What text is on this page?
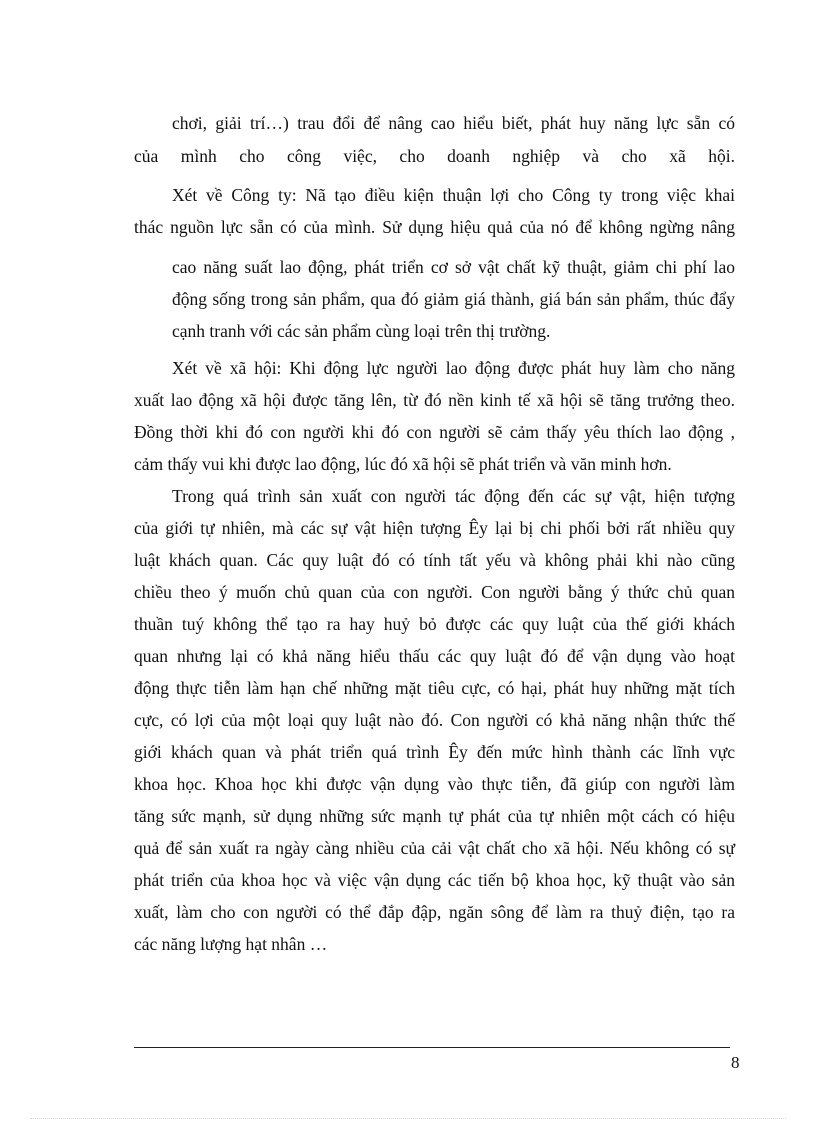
chơi, giải trí…) trau đổi để nâng cao hiểu biết, phát huy năng lực sẵn có
của mình cho công việc, cho doanh nghiệp và cho xã hội.
Xét về Công ty: Nã tạo điều kiện thuận lợi cho Công ty trong việc khai
thác nguồn lực sẵn có của mình. Sử dụng hiệu quả của nó để không ngừng nâng
cao năng suất lao động, phát triển cơ sở vật chất kỹ thuật, giảm chi phí lao
động sống trong sản phẩm, qua đó giảm giá thành, giá bán sản phẩm, thúc đẩy
cạnh tranh với các sản phẩm cùng loại trên thị trường.
Xét về xã hội: Khi động lực người lao động được phát huy làm cho năng
xuất lao động xã hội được tăng lên, từ đó nền kinh tế xã hội sẽ tăng trưởng theo.
Đồng thời khi đó con người khi đó con người sẽ cảm thấy yêu thích lao động ,
cảm thấy vui khi được lao động, lúc đó xã hội sẽ phát triển và văn minh hơn.
Trong quá trình sản xuất con người tác động đến các sự vật, hiện tượng
của giới tự nhiên, mà các sự vật hiện tượng Êy lại bị chi phối bởi rất nhiều quy
luật khách quan. Các quy luật đó có tính tất yếu và không phải khi nào cũng
chiều theo ý muốn chủ quan của con người. Con người bằng ý thức chủ quan
thuần tuý không thể tạo ra hay huỷ bỏ được các quy luật của thế giới khách
quan nhưng lại có khả năng hiểu thấu các quy luật đó để vận dụng vào hoạt
động thực tiễn làm hạn chế những mặt tiêu cực, có hại, phát huy những mặt tích
cực, có lợi của một loại quy luật nào đó. Con người có khả năng nhận thức thế
giới khách quan và phát triển quá trình Êy đến mức hình thành các lĩnh vực
khoa học. Khoa học khi được vận dụng vào thực tiễn, đã giúp con người làm
tăng sức mạnh, sử dụng những sức mạnh tự phát của tự nhiên một cách có hiệu
quả để sản xuất ra ngày càng nhiều của cải vật chất cho xã hội. Nếu không có sự
phát triển của khoa học và việc vận dụng các tiến bộ khoa học, kỹ thuật vào sản
xuất, làm cho con người có thể đắp đập, ngăn sông để làm ra thuỷ điện, tạo ra
các năng lượng hạt nhân …
8
